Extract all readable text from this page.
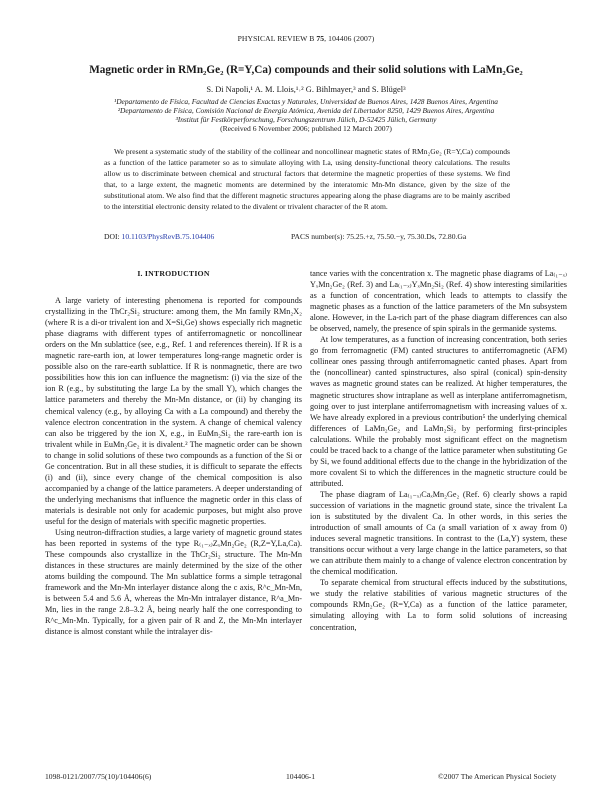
PHYSICAL REVIEW B 75, 104406 (2007)
Magnetic order in RMn₂Ge₂ (R=Y,Ca) compounds and their solid solutions with LaMn₂Ge₂
S. Di Napoli,¹ A. M. Llois,¹˒² G. Bihlmayer,³ and S. Blügel³
¹Departamento de Física, Facultad de Ciencias Exactas y Naturales, Universidad de Buenos Aires, 1428 Buenos Aires, Argentina
²Departamento de Física, Comisión Nacional de Energía Atómica, Avenida del Libertador 8250, 1429 Buenos Aires, Argentina
³Institut für Festkörperforschung, Forschungszentrum Jülich, D-52425 Jülich, Germany
(Received 6 November 2006; published 12 March 2007)
We present a systematic study of the stability of the collinear and noncollinear magnetic states of RMn₂Ge₂ (R=Y,Ca) compounds as a function of the lattice parameter so as to simulate alloying with La, using density-functional theory calculations. The results allow us to discriminate between chemical and structural factors that determine the magnetic properties of these systems. We find that, to a large extent, the magnetic moments are determined by the interatomic Mn-Mn distance, given by the size of the substitutional atom. We also find that the different magnetic structures appearing along the phase diagrams are to be mainly ascribed to the interstitial electronic density related to the divalent or trivalent character of the R atom.
DOI: 10.1103/PhysRevB.75.104406	PACS number(s): 75.25.+z, 75.50.−y, 75.30.Ds, 72.80.Ga
I. INTRODUCTION

A large variety of interesting phenomena is reported for compounds crystallizing in the ThCr₂Si₂ structure: among them, the Mn family RMn₂X₂ (where R is a di-or trivalent ion and X=Si,Ge) shows especially rich magnetic phase diagrams with different types of antiferromagnetic or noncollinear orders on the Mn sublattice (see, e.g., Ref. 1 and references therein). If R is a magnetic rare-earth ion, at lower temperatures long-range magnetic order is possible also on the rare-earth sublattice. If R is nonmagnetic, there are two possibilities how this ion can influence the magnetism: (i) via the size of the ion R (e.g., by substituting the large La by the small Y), which changes the lattice parameters and thereby the Mn-Mn distance, or (ii) by changing its chemical valency (e.g., by alloying Ca with a La compound) and thereby the valence electron concentration in the system. A change of chemical valency can also be triggered by the ion X, e.g., in EuMn₂Si₂ the rare-earth ion is trivalent while in EuMn₂Ge₂ it is divalent.² The magnetic order can be shown to change in solid solutions of these two compounds as a function of the Si or Ge concentration. But in all these studies, it is difficult to separate the effects (i) and (ii), since every change of the chemical composition is also accompanied by a change of the lattice parameters. A deeper understanding of the underlying mechanisms that influence the magnetic order in this class of materials is desirable not only for academic purposes, but might also prove useful for the design of materials with specific magnetic properties.

Using neutron-diffraction studies, a large variety of magnetic ground states has been reported in systems of the type R₍₁₋ₓ₎ZₓMn₂Ge₂ (R,Z=Y,La,Ca). These compounds also crystallize in the ThCr₂Si₂ structure. The Mn-Mn distances in these structures are mainly determined by the size of the other atoms building the compound. The Mn sublattice forms a simple tetragonal framework and the Mn-Mn interlayer distance along the c axis, R^c_Mn-Mn, is between 5.4 and 5.6 Å, whereas the Mn-Mn intralayer distance, R^a_Mn-Mn, lies in the range 2.8–3.2 Å, being nearly half the one corresponding to R^c_Mn-Mn. Typically, for a given pair of R and Z, the Mn-Mn interlayer distance is almost constant while the intralayer dis-

tance varies with the concentration x. The magnetic phase diagrams of La₍₁₋ₓ₎YₓMn₂Ge₂ (Ref. 3) and La₍₁₋ₓ₎YₓMn₂Si₂ (Ref. 4) show interesting similarities as a function of concentration, which leads to attempts to classify the magnetic phases as a function of the lattice parameters of the Mn subsystem alone. However, in the La-rich part of the phase diagram differences can also be observed, namely, the presence of spin spirals in the germanide systems.

At low temperatures, as a function of increasing concentration, both series go from ferromagnetic (FM) canted structures to antiferromagnetic (AFM) collinear ones passing through antiferromagnetic canted phases. Apart from the (noncollinear) canted spinstructures, also spiral (conical) spin-density waves as magnetic ground states can be realized. At higher temperatures, the magnetic structures show intraplane as well as interplane antiferromagnetism, going over to just interplane antiferromagnetism with increasing values of x. We have already explored in a previous contribution⁵ the underlying chemical differences of LaMn₂Ge₂ and LaMn₂Si₂ by performing first-principles calculations. While the probably most significant effect on the magnetism could be traced back to a change of the lattice parameter when substituting Ge by Si, we found additional effects due to the change in the hybridization of the more covalent Si to which the differences in the magnetic structure could be attributed.

The phase diagram of La₍₁₋ₓ₎CaₓMn₂Ge₂ (Ref. 6) clearly shows a rapid succession of variations in the magnetic ground state, since the trivalent La ion is substituted by the divalent Ca. In other words, in this series the introduction of small amounts of Ca (a small variation of x away from 0) induces several magnetic transitions. In contrast to the (La,Y) system, these transitions occur without a very large change in the lattice parameters, so that we can attribute them mainly to a change of valence electron concentration by the chemical modification.

To separate chemical from structural effects induced by the substitutions, we study the relative stabilities of various magnetic structures of the compounds RMn₂Ge₂ (R=Y,Ca) as a function of the lattice parameter, simulating alloying with La to form solid solutions of increasing concentration,

1098-0121/2007/75(10)/104406(6)	104406-1	©2007 The American Physical Society
